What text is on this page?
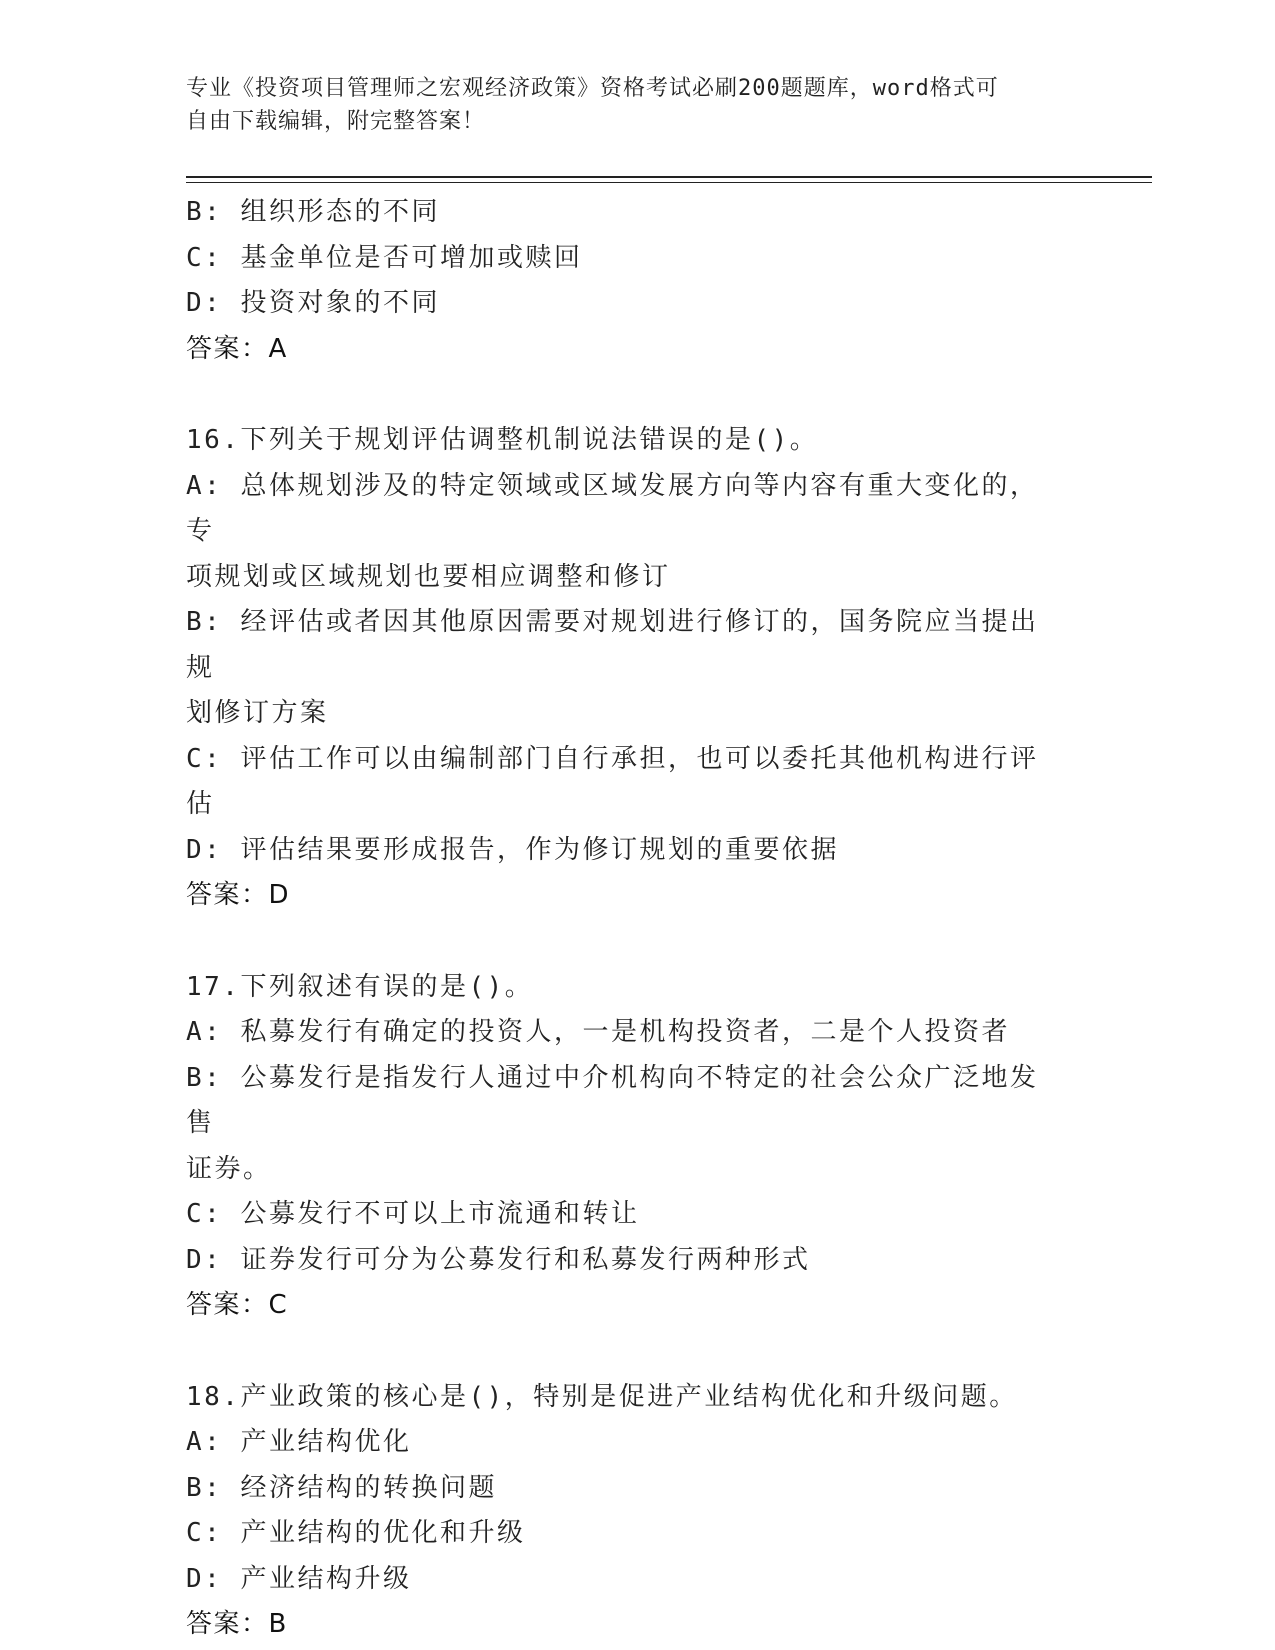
专业《投资项目管理师之宏观经济政策》资格考试必刷200题题库，word格式可
自由下载编辑，附完整答案！
B: 组织形态的不同
C: 基金单位是否可增加或赎回
D: 投资对象的不同
答案：A
16.下列关于规划评估调整机制说法错误的是()。
A: 总体规划涉及的特定领域或区域发展方向等内容有重大变化的，专
项规划或区域规划也要相应调整和修订
B: 经评估或者因其他原因需要对规划进行修订的，国务院应当提出规
划修订方案
C: 评估工作可以由编制部门自行承担，也可以委托其他机构进行评估
D: 评估结果要形成报告，作为修订规划的重要依据
答案：D
17.下列叙述有误的是()。
A: 私募发行有确定的投资人，一是机构投资者，二是个人投资者
B: 公募发行是指发行人通过中介机构向不特定的社会公众广泛地发售
证券。
C: 公募发行不可以上市流通和转让
D: 证券发行可分为公募发行和私募发行两种形式
答案：C
18.产业政策的核心是()，特别是促进产业结构优化和升级问题。
A: 产业结构优化
B: 经济结构的转换问题
C: 产业结构的优化和升级
D: 产业结构升级
答案：B
